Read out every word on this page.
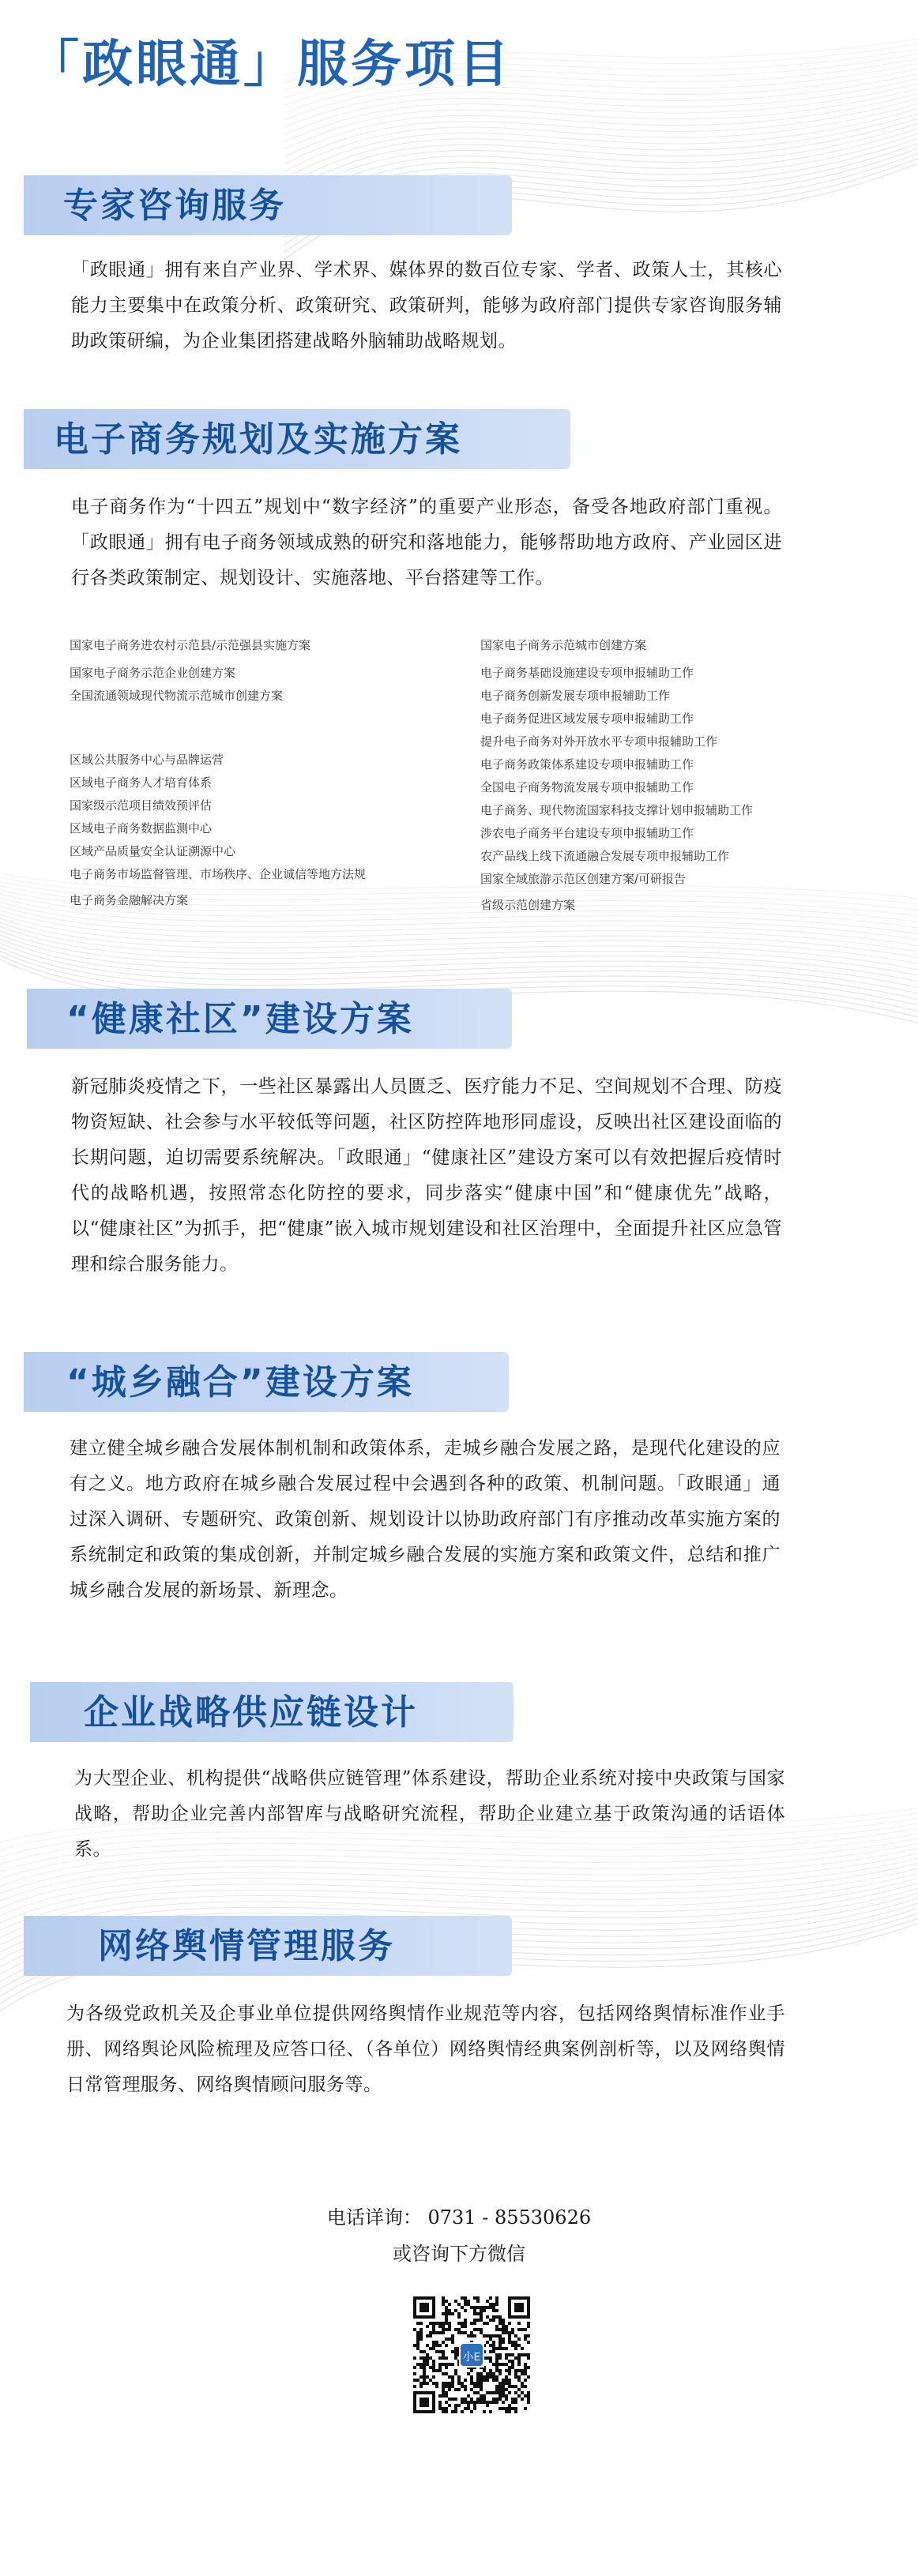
「政眼通」服务项目
专家咨询服务
「政眼通」拥有来自产业界、学术界、媒体界的数百位专家、学者、政策人士，其核心能力主要集中在政策分析、政策研究、政策研判，能够为政府部门提供专家咨询服务辅助政策研编，为企业集团搭建战略外脑辅助战略规划。
电子商务规划及实施方案
电子商务作为“十四五”规划中“数字经济”的重要产业形态，备受各地政府部门重视。「政眼通」拥有电子商务领域成熟的研究和落地能力，能够帮助地方政府、产业园区进行各类政策制定、规划设计、实施落地、平台搭建等工作。
国家电子商务进农村示范县/示范强县实施方案
国家电子商务示范企业创建方案
全国流通领域现代物流示范城市创建方案
区域公共服务中心与品牌运营
区域电子商务人才培育体系
国家级示范项目绩效预评估
区域电子商务数据监测中心
区域产品质量安全认证溯源中心
电子商务市场监督管理、市场秩序、企业诚信等地方法规
电子商务金融解决方案
国家电子商务示范城市创建方案
电子商务基础设施建设专项申报辅助工作
电子商务创新发展专项申报辅助工作
电子商务促进区域发展专项申报辅助工作
提升电子商务对外开放水平专项申报辅助工作
电子商务政策体系建设专项申报辅助工作
全国电子商务物流发展专项申报辅助工作
电子商务、现代物流国家科技支撑计划申报辅助工作
涉农电子商务平台建设专项申报辅助工作
农产品线上线下流通融合发展专项申报辅助工作
国家全域旅游示范区创建方案/可研报告
省级示范创建方案
“健康社区”建设方案
新冠肺炎疫情之下，一些社区暴露出人员匮乏、医疗能力不足、空间规划不合理、防疫物资短缺、社会参与水平较低等问题，社区防控阵地形同虚设，反映出社区建设面临的长期问题，迫切需要系统解决。「政眼通」“健康社区”建设方案可以有效把握后疫情时代的战略机遇，按照常态化防控的要求，同步落实“健康中国”和“健康优先”战略，以“健康社区”为抓手，把“健康”嵌入城市规划建设和社区治理中，全面提升社区应急管理和综合服务能力。
“城乡融合”建设方案
建立健全城乡融合发展体制机制和政策体系，走城乡融合发展之路，是现代化建设的应有之义。地方政府在城乡融合发展过程中会遇到各种的政策、机制问题。「政眼通」通过深入调研、专题研究、政策创新、规划设计以协助政府部门有序推动改革实施方案的系统制定和政策的集成创新，并制定城乡融合发展的实施方案和政策文件，总结和推广城乡融合发展的新场景、新理念。
企业战略供应链设计
为大型企业、机构提供“战略供应链管理”体系建设，帮助企业系统对接中央政策与国家战略，帮助企业完善内部智库与战略研究流程，帮助企业建立基于政策沟通的话语体系。
网络舆情管理服务
为各级党政机关及企事业单位提供网络舆情作业规范等内容，包括网络舆情标准作业手册、网络舆论风险梳理及应答口径、（各单位）网络舆情经典案例剖析等，以及网络舆情日常管理服务、网络舆情顾问服务等。
电话详询： 0731 - 85530626
或咨询下方微信
小E
